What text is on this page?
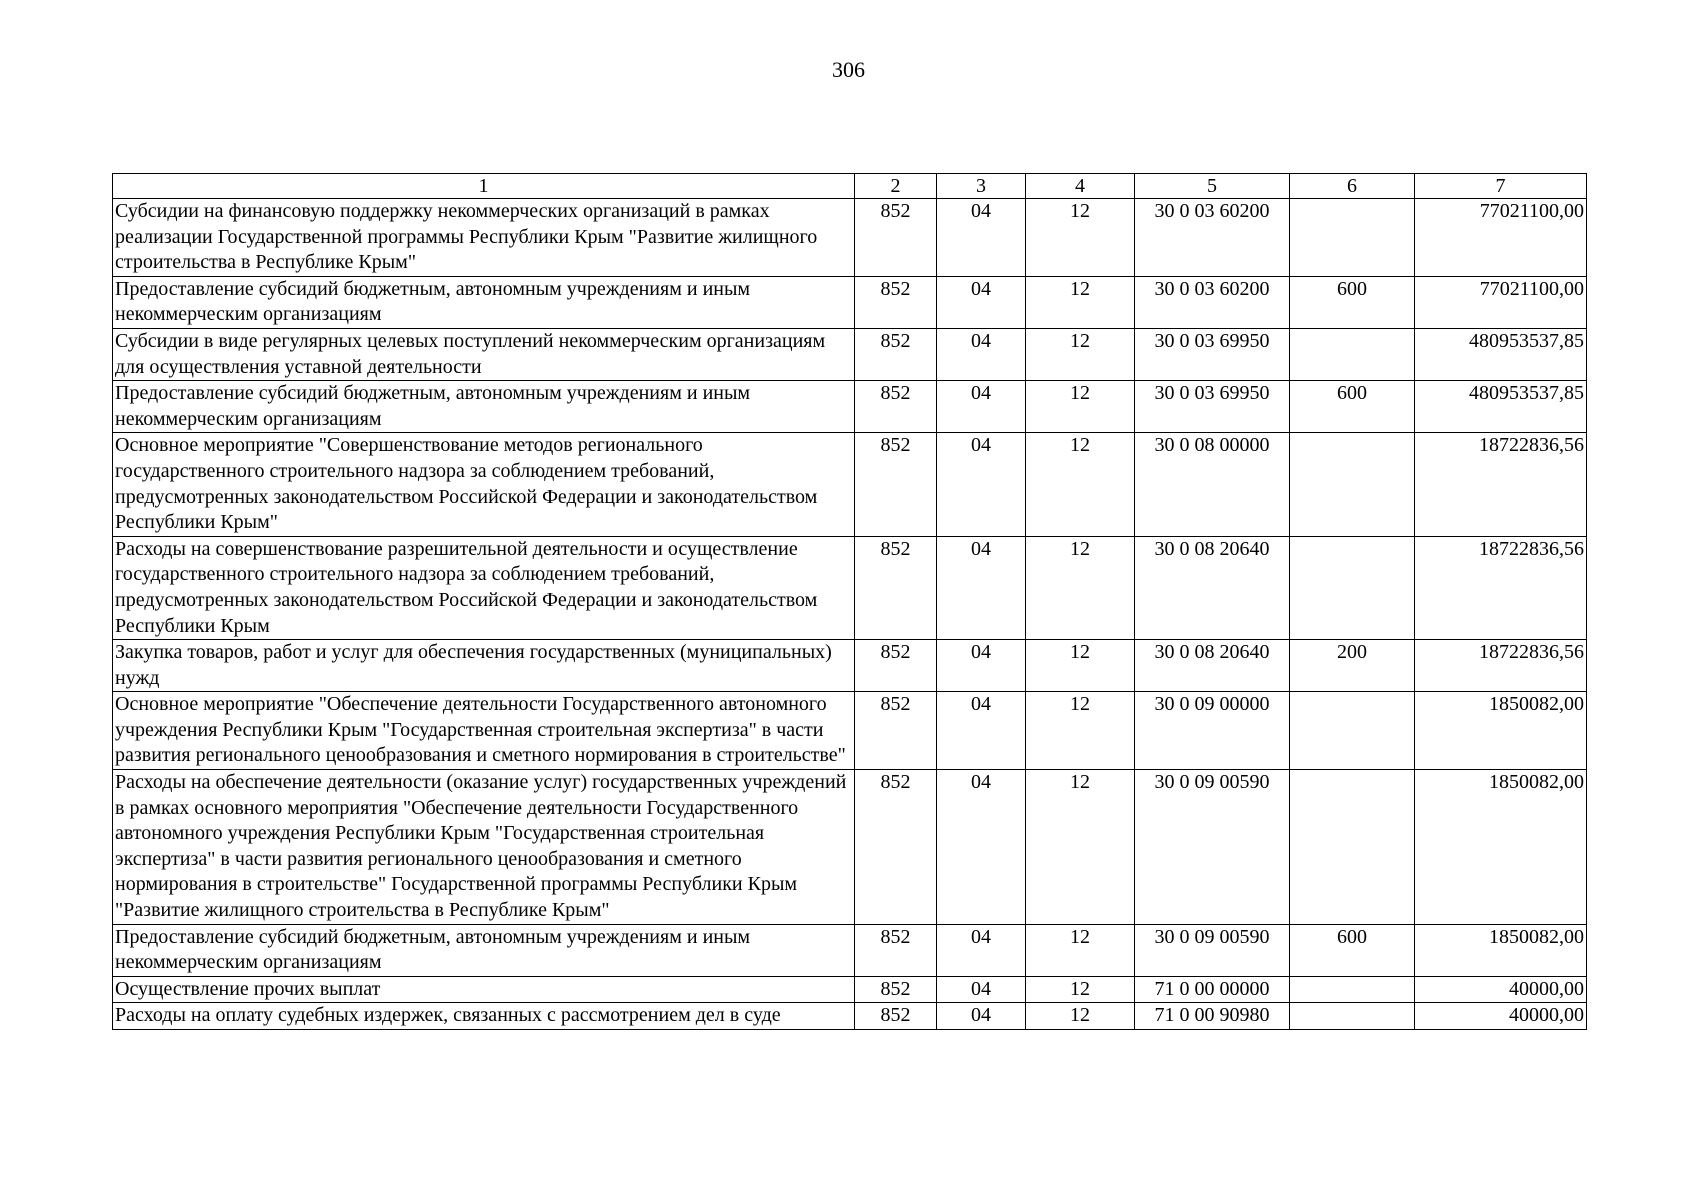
306
1	2	3	4	5	6	7
Субсидии на финансовую поддержку некоммерческих организаций в рамках реализации Государственной программы Республики Крым "Развитие жилищного строительства в Республике Крым"	852	04	12	30 0 03 60200		77021100,00
Предоставление субсидий бюджетным, автономным учреждениям и иным некоммерческим организациям	852	04	12	30 0 03 60200	600	77021100,00
Субсидии в виде регулярных целевых поступлений некоммерческим организациям для осуществления уставной деятельности	852	04	12	30 0 03 69950		480953537,85
Предоставление субсидий бюджетным, автономным учреждениям и иным некоммерческим организациям	852	04	12	30 0 03 69950	600	480953537,85
Основное мероприятие "Совершенствование методов регионального государственного строительного надзора за соблюдением требований, предусмотренных законодательством Российской Федерации и законодательством Республики Крым"	852	04	12	30 0 08 00000		18722836,56
Расходы на совершенствование разрешительной деятельности и осуществление государственного строительного надзора за соблюдением требований, предусмотренных законодательством Российской Федерации и законодательством Республики Крым	852	04	12	30 0 08 20640		18722836,56
Закупка товаров, работ и услуг для обеспечения государственных (муниципальных) нужд	852	04	12	30 0 08 20640	200	18722836,56
Основное мероприятие "Обеспечение деятельности Государственного автономного учреждения Республики Крым "Государственная строительная экспертиза" в части развития регионального ценообразования и сметного нормирования в строительстве"	852	04	12	30 0 09 00000		1850082,00
Расходы на обеспечение деятельности (оказание услуг) государственных учреждений в рамках основного мероприятия "Обеспечение деятельности Государственного автономного учреждения Республики Крым "Государственная строительная экспертиза" в части развития регионального ценообразования и сметного нормирования в строительстве" Государственной программы Республики Крым "Развитие жилищного строительства в Республике Крым"	852	04	12	30 0 09 00590		1850082,00
Предоставление субсидий бюджетным, автономным учреждениям и иным некоммерческим организациям	852	04	12	30 0 09 00590	600	1850082,00
Осуществление прочих выплат	852	04	12	71 0 00 00000		40000,00
Расходы на оплату судебных издержек, связанных с рассмотрением дел в суде	852	04	12	71 0 00 90980		40000,00
